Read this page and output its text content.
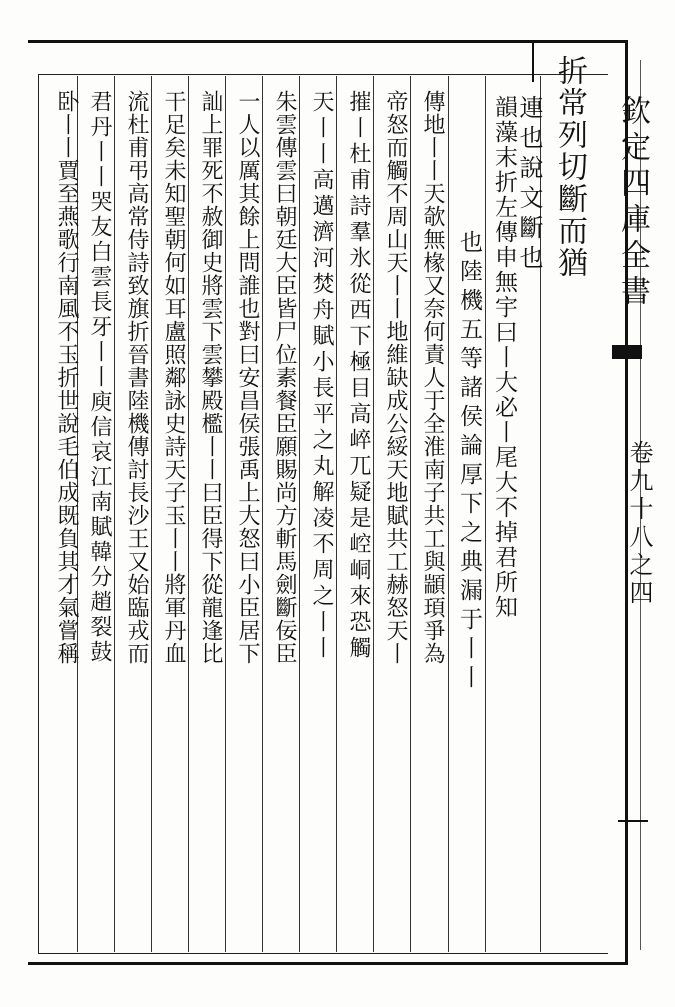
欽定四庫全書
卷九十八之四
折常列切斷而猶
連也說文斷也
韻藻末折左傳申無宇曰丨大必丨尾大不掉君所知
也陸機五等諸侯論厚下之典漏于丨丨
傳地丨丨天欹無椽又奈何責人于全淮南子共工與顓頊爭為
帝怒而觸不周山天丨丨地維缺成公綏天地賦共工赫怒天丨
摧丨杜甫詩羣氷從西下極目高崪兀疑是崆峒來恐觸
天丨丨高邁濟河焚舟賦小長平之丸解凌不周之丨丨
朱雲傳雲曰朝廷大臣皆尸位素餐臣願賜尚方斬馬劍斷佞臣
一人以厲其餘上問誰也對曰安昌侯張禹上大怒曰小臣居下
訕上罪死不赦御史將雲下雲攀殿檻丨丨曰臣得下從龍逢比
干足矣未知聖朝何如耳盧照鄰詠史詩天子玉丨丨將軍丹血
流杜甫弔高常侍詩致旗折晉書陸機傳討長沙王又始臨戎而
君丹丨丨哭友白雲長牙丨丨庾信哀江南賦韓分趙裂鼓
卧丨丨賈至燕歌行南風不玉折世說毛伯成既負其才氣嘗稱
